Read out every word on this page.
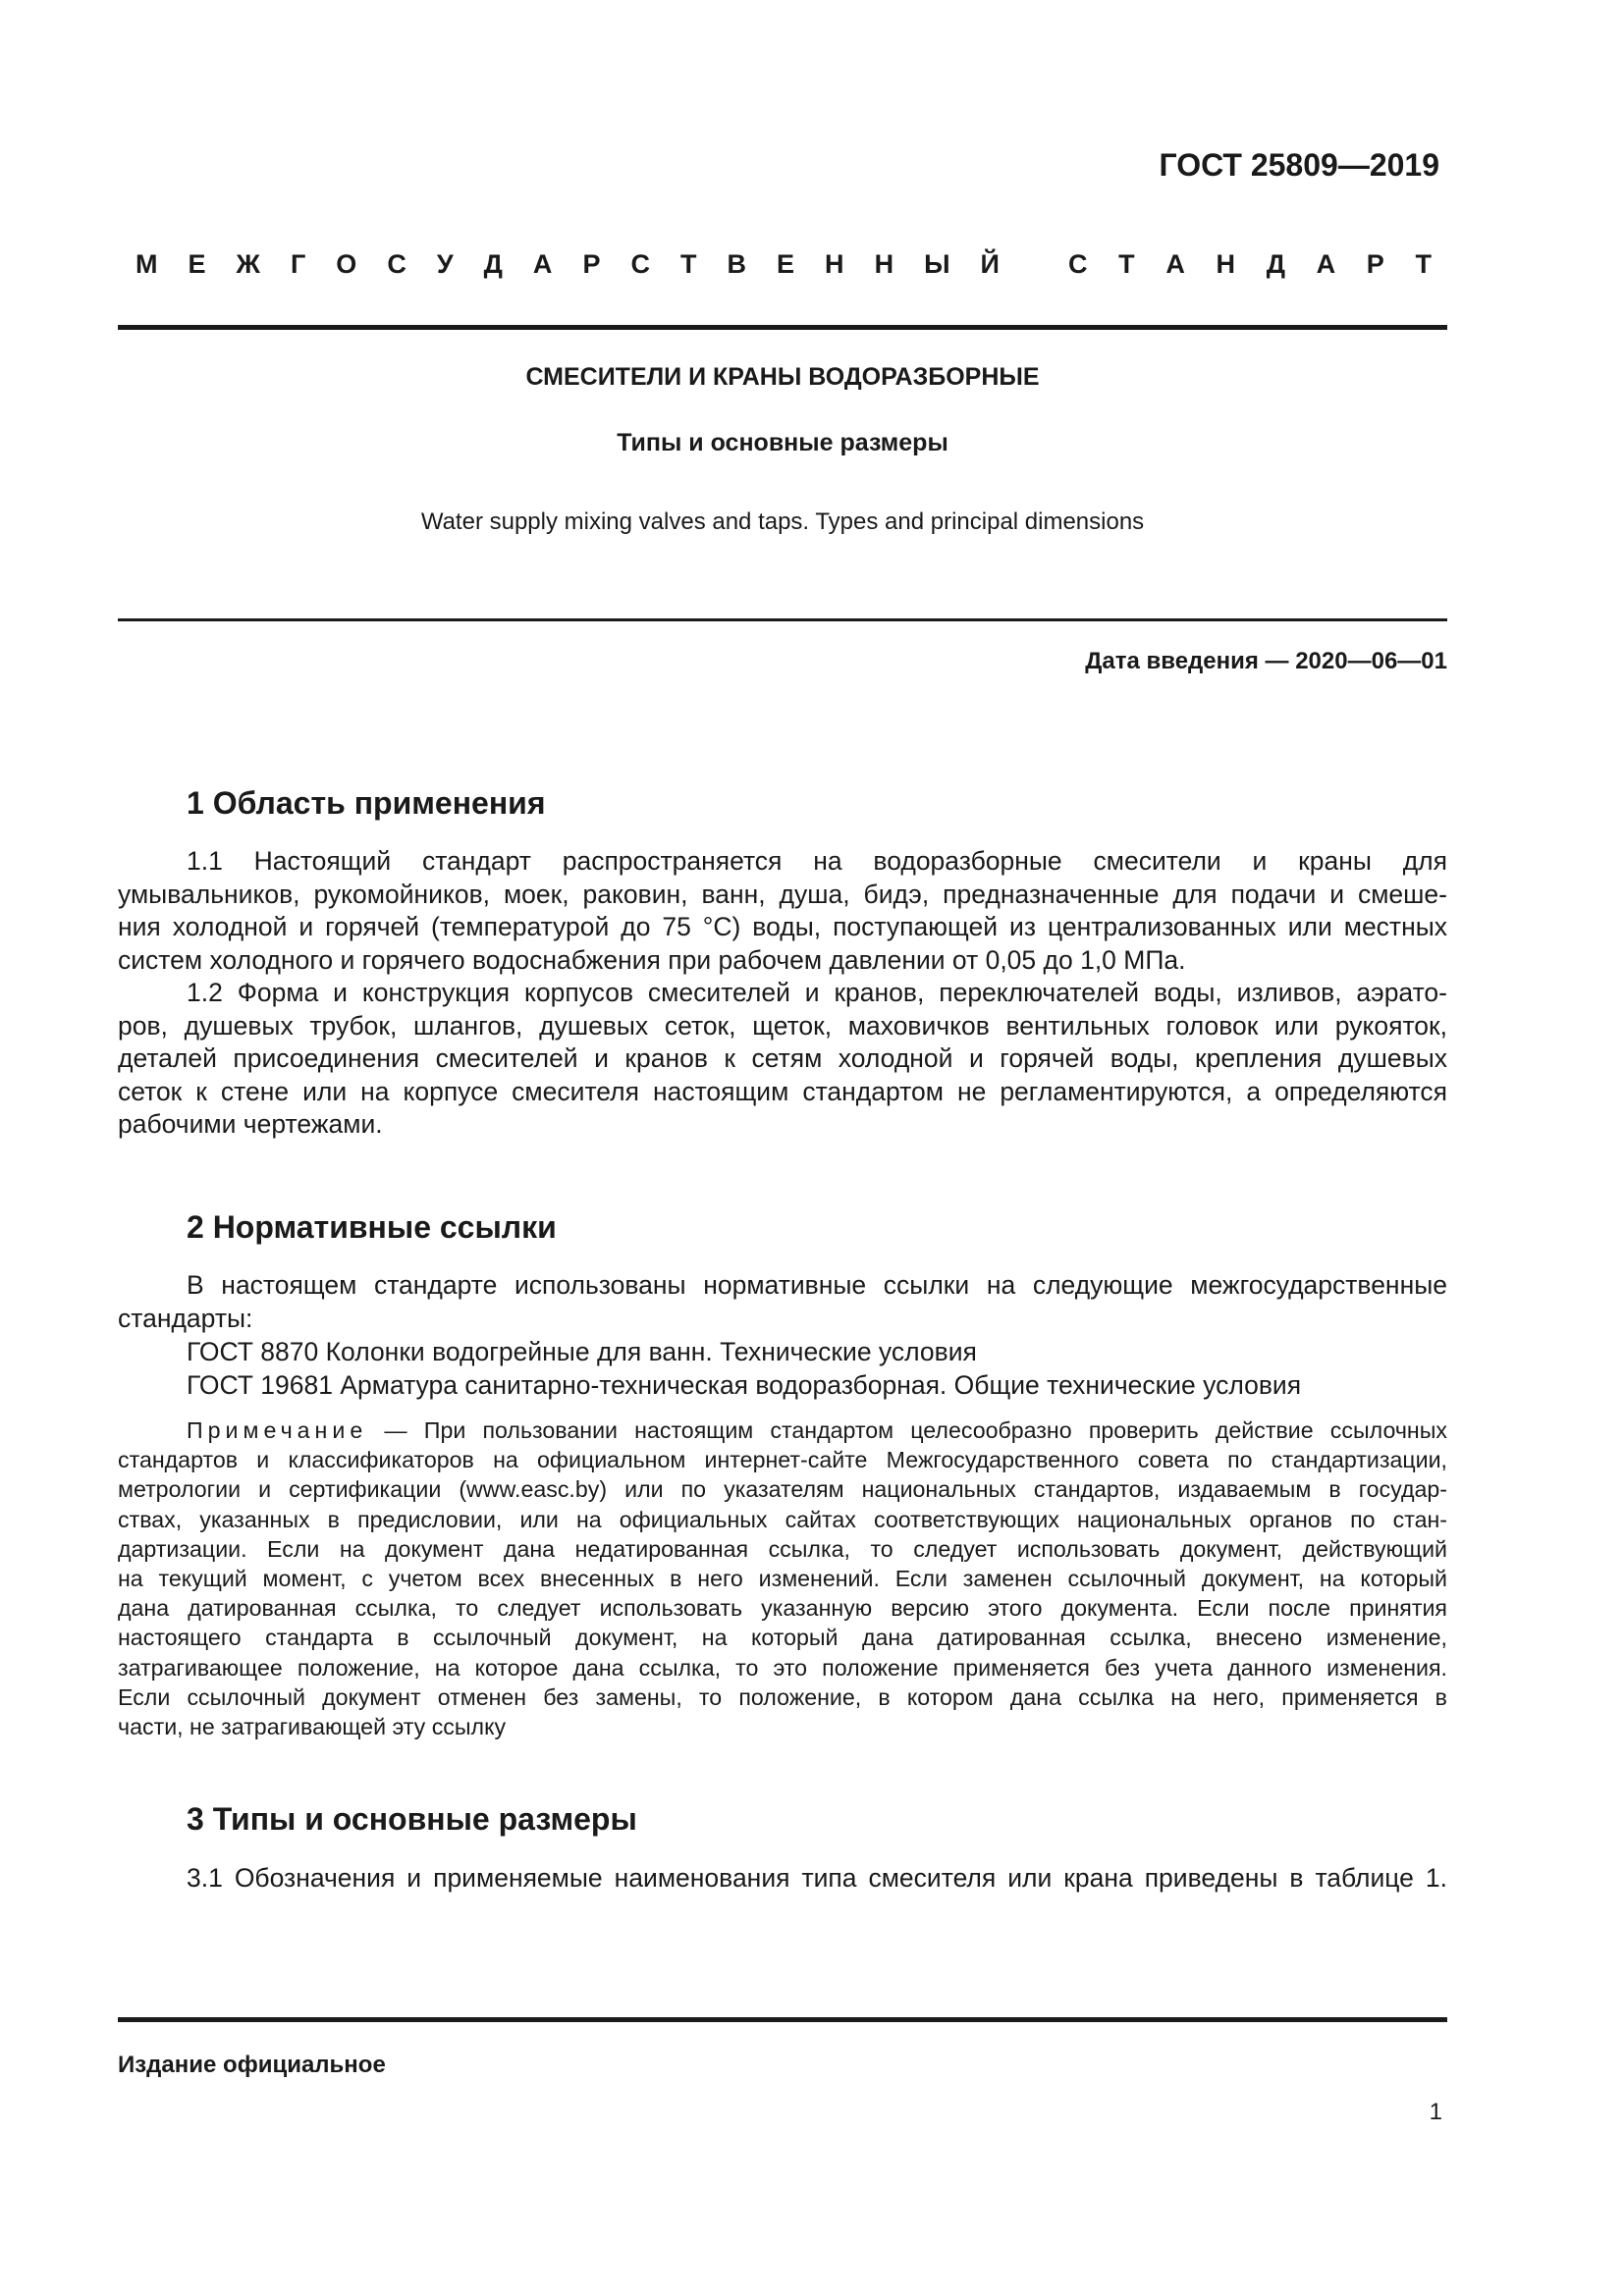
ГОСТ 25809—2019
М Е Ж Г О С У Д А Р С Т В Е Н Н Ы Й	С Т А Н Д А Р Т
СМЕСИТЕЛИ И КРАНЫ ВОДОРАЗБОРНЫЕ
Типы и основные размеры
Water supply mixing valves and taps. Types and principal dimensions
Дата введения — 2020—06—01
1 Область применения
1.1 Настоящий стандарт распространяется на водоразборные смесители и краны для
умывальников, рукомойников, моек, раковин, ванн, душа, бидэ, предназначенные для подачи и смеше-
ния холодной и горячей (температурой до 75 °С) воды, поступающей из централизованных или местных
систем холодного и горячего водоснабжения при рабочем давлении от 0,05 до 1,0 МПа.
1.2 Форма и конструкция корпусов смесителей и кранов, переключателей воды, изливов, аэрато-
ров, душевых трубок, шлангов, душевых сеток, щеток, маховичков вентильных головок или рукояток,
деталей присоединения смесителей и кранов к сетям холодной и горячей воды, крепления душевых
сеток к стене или на корпусе смесителя настоящим стандартом не регламентируются, а определяются
рабочими чертежами.
2 Нормативные ссылки
В настоящем стандарте использованы нормативные ссылки на следующие межгосударственные
стандарты:
ГОСТ 8870 Колонки водогрейные для ванн. Технические условия
ГОСТ 19681 Арматура санитарно-техническая водоразборная. Общие технические условия
Примечание — При пользовании настоящим стандартом целесообразно проверить действие ссылочных
стандартов и классификаторов на официальном интернет-сайте Межгосударственного совета по стандартизации,
метрологии и сертификации (www.easc.by) или по указателям национальных стандартов, издаваемым в государ-
ствах, указанных в предисловии, или на официальных сайтах соответствующих национальных органов по стан-
дартизации. Если на документ дана недатированная ссылка, то следует использовать документ, действующий
на текущий момент, с учетом всех внесенных в него изменений. Если заменен ссылочный документ, на который
дана датированная ссылка, то следует использовать указанную версию этого документа. Если после принятия
настоящего стандарта в ссылочный документ, на который дана датированная ссылка, внесено изменение,
затрагивающее положение, на которое дана ссылка, то это положение применяется без учета данного изменения.
Если ссылочный документ отменен без замены, то положение, в котором дана ссылка на него, применяется в
части, не затрагивающей эту ссылку
3 Типы и основные размеры
3.1 Обозначения и применяемые наименования типа смесителя или крана приведены в таблице 1.
Издание официальное
1
